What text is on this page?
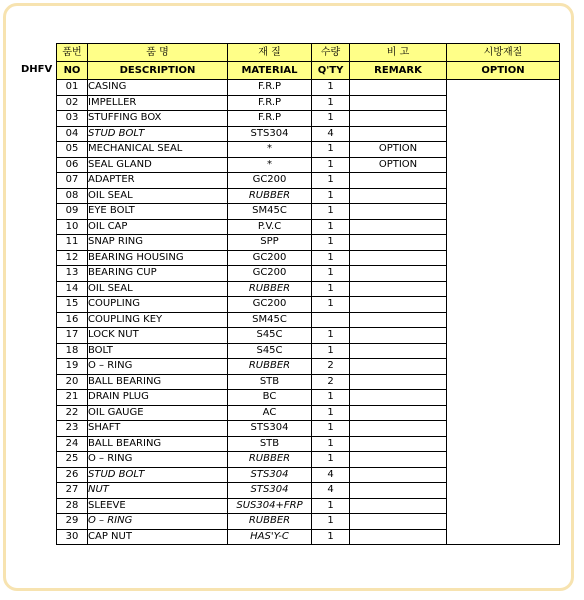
DHFV
품번	품 명	재 질	수량	비 고	시방재질
NO	DESCRIPTION	MATERIAL	Q'TY	REMARK	OPTION
01	CASING	F.R.P	1		
02	IMPELLER	F.R.P	1		
03	STUFFING BOX	F.R.P	1		
04	STUD BOLT	STS304	4		
05	MECHANICAL SEAL	*	1	OPTION	
06	SEAL GLAND	*	1	OPTION	
07	ADAPTER	GC200	1		
08	OIL SEAL	RUBBER	1		
09	EYE BOLT	SM45C	1		
10	OIL CAP	P.V.C	1		
11	SNAP RING	SPP	1		
12	BEARING HOUSING	GC200	1		
13	BEARING CUP	GC200	1		
14	OIL SEAL	RUBBER	1		
15	COUPLING	GC200	1		
16	COUPLING KEY	SM45C			
17	LOCK NUT	S45C	1		
18	BOLT	S45C	1		
19	O – RING	RUBBER	2		
20	BALL BEARING	STB	2		
21	DRAIN PLUG	BC	1		
22	OIL GAUGE	AC	1		
23	SHAFT	STS304	1		
24	BALL BEARING	STB	1		
25	O – RING	RUBBER	1		
26	STUD BOLT	STS304	4		
27	NUT	STS304	4		
28	SLEEVE	SUS304+FRP	1		
29	O – RING	RUBBER	1		
30	CAP NUT	HAS'Y-C	1		
